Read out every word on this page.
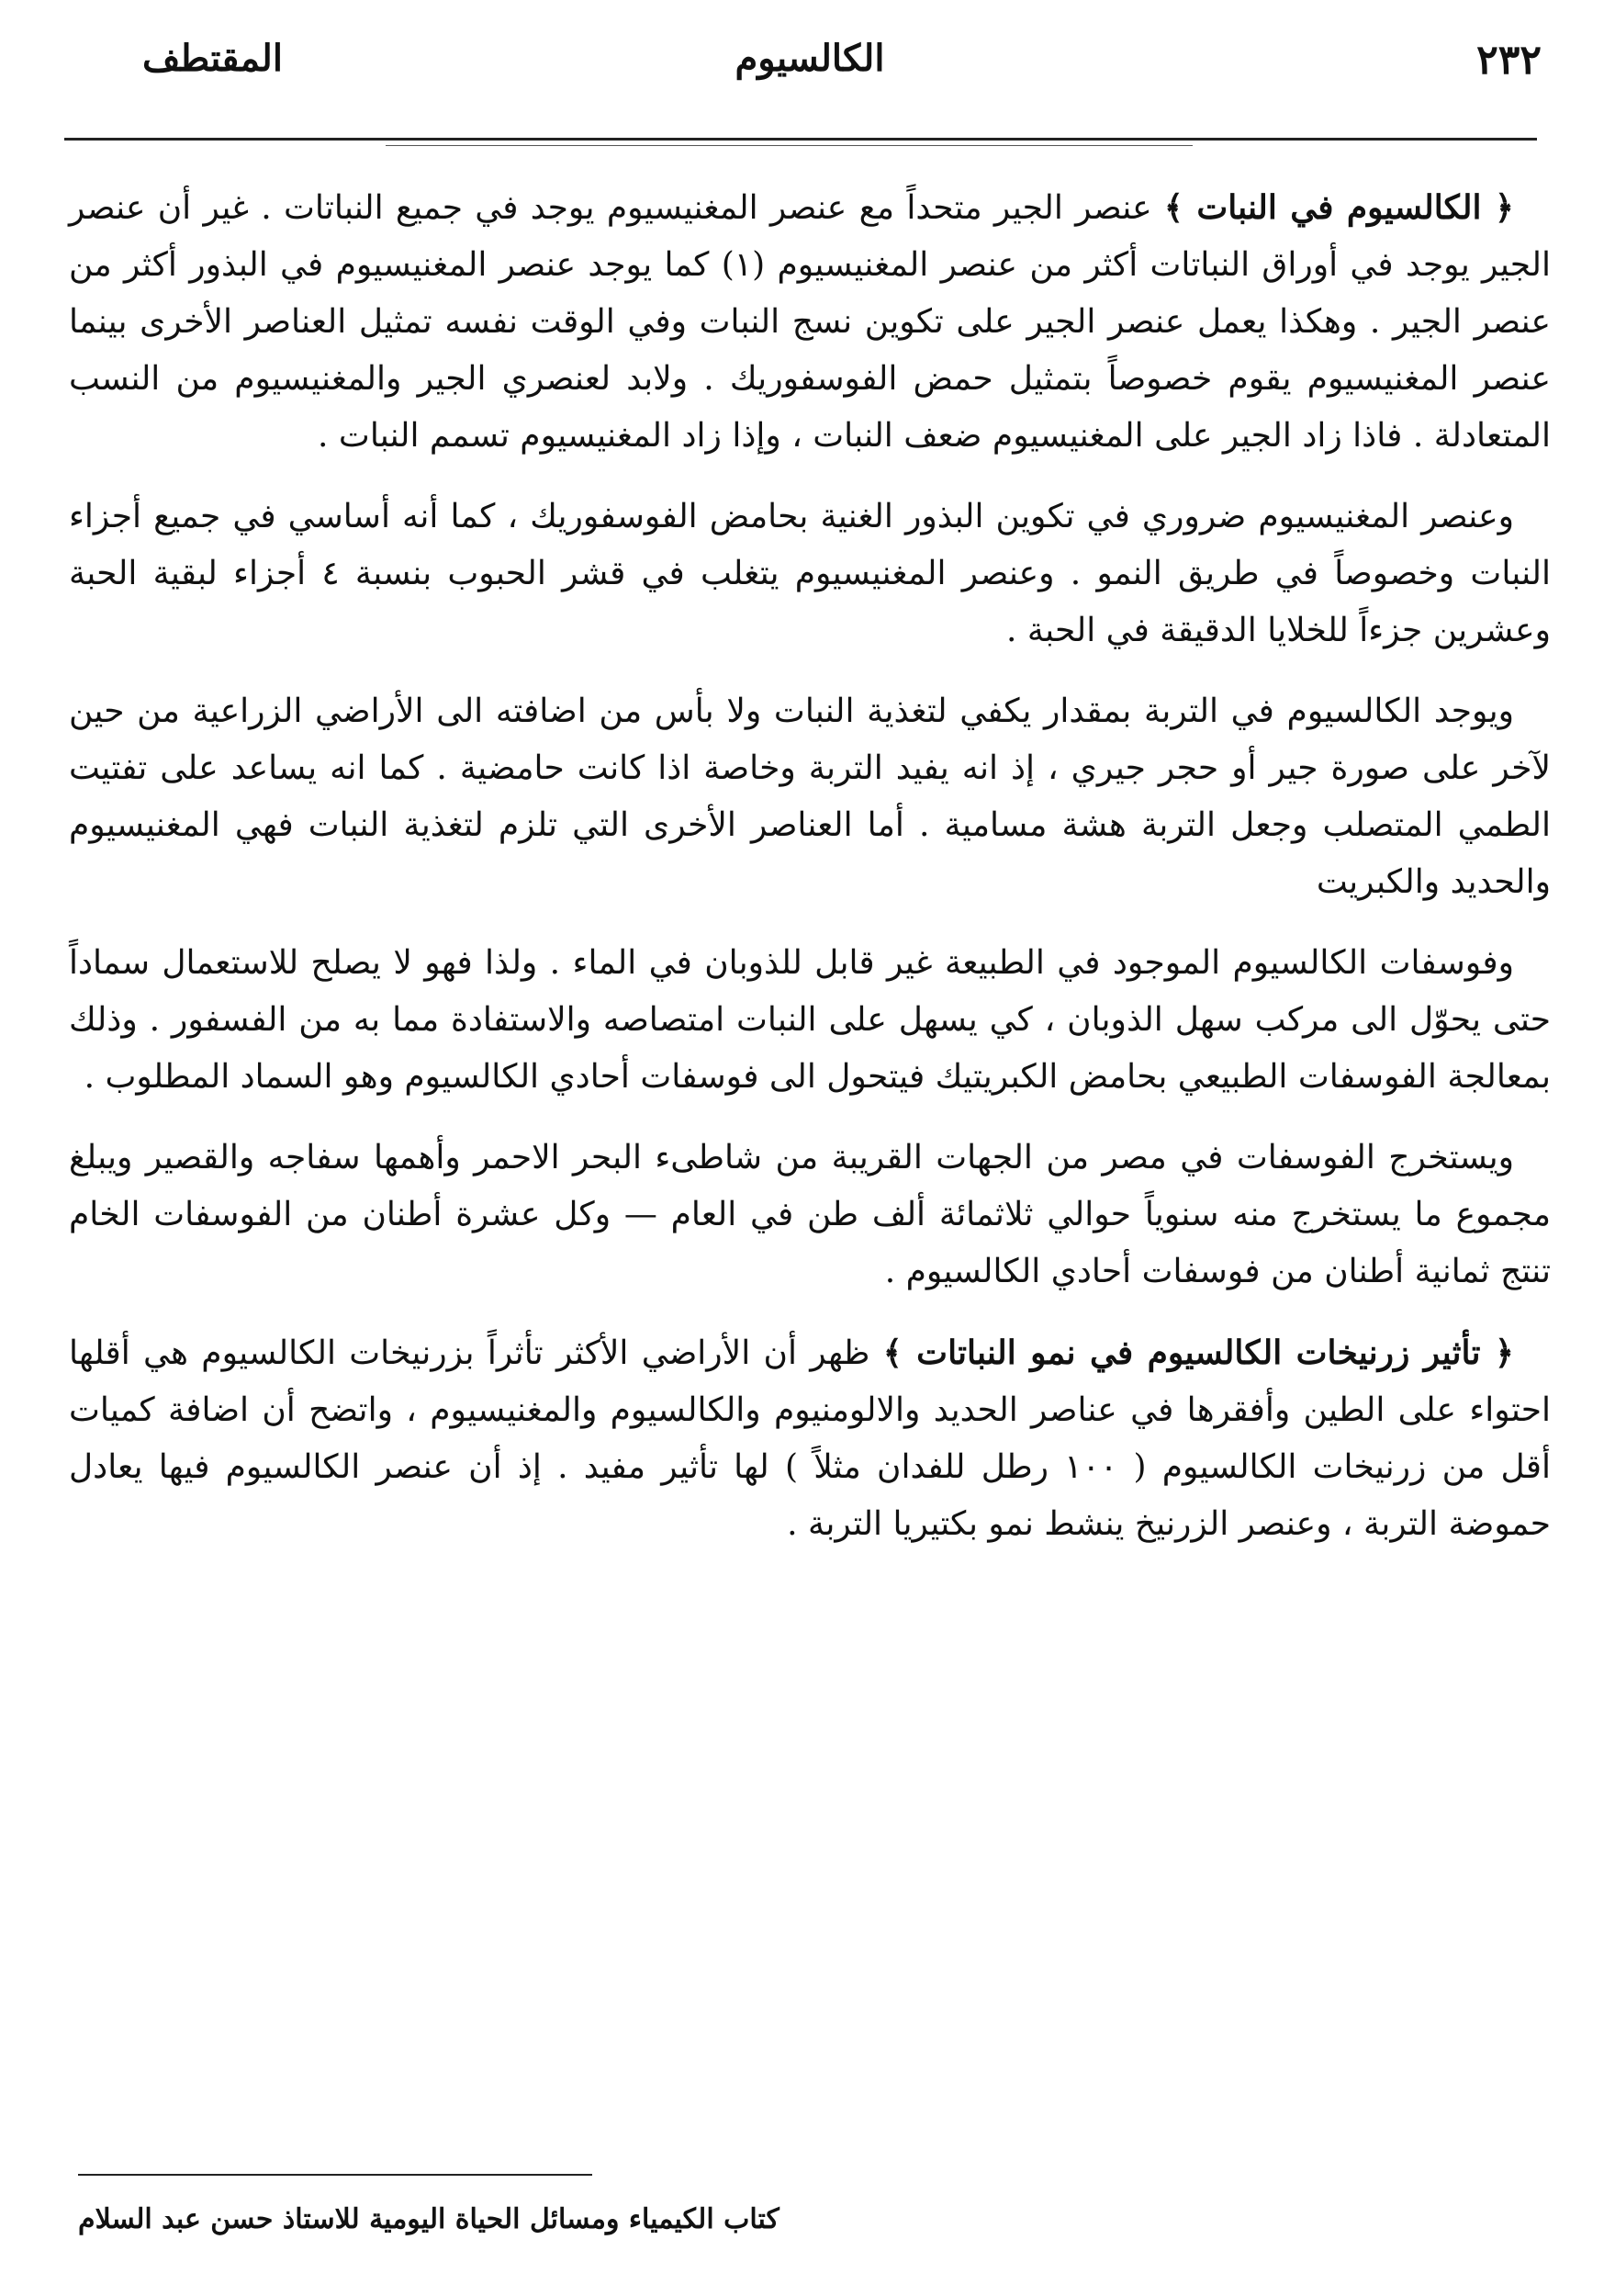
٢٣٢
الكالسيوم
المقتطف

﴿ الكالسيوم في النبات ﴾ عنصر الجير متحداً مع عنصر المغنيسيوم يوجد في جميع النباتات . غير أن عنصر الجير يوجد في أوراق النباتات أكثر من عنصر المغنيسيوم (١) كما يوجد عنصر المغنيسيوم في البذور أكثر من عنصر الجير . وهكذا يعمل عنصر الجير على تكوين نسج النبات وفي الوقت نفسه تمثيل العناصر الأخرى بينما عنصر المغنيسيوم يقوم خصوصاً بتمثيل حمض الفوسفوريك . ولابد لعنصري الجير والمغنيسيوم من النسب المتعادلة . فاذا زاد الجير على المغنيسيوم ضعف النبات ، وإذا زاد المغنيسيوم تسمم النبات .

وعنصر المغنيسيوم ضروري في تكوين البذور الغنية بحامض الفوسفوريك ، كما أنه أساسي في جميع أجزاء النبات وخصوصاً في طريق النمو . وعنصر المغنيسيوم يتغلب في قشر الحبوب بنسبة ٤ أجزاء لبقية الحبة وعشرين جزءاً للخلايا الدقيقة في الحبة .

ويوجد الكالسيوم في التربة بمقدار يكفي لتغذية النبات ولا بأس من اضافته الى الأراضي الزراعية من حين لآخر على صورة جير أو حجر جيري ، إذ انه يفيد التربة وخاصة اذا كانت حامضية . كما انه يساعد على تفتيت الطمي المتصلب وجعل التربة هشة مسامية . أما العناصر الأخرى التي تلزم لتغذية النبات فهي المغنيسيوم والحديد والكبريت

وفوسفات الكالسيوم الموجود في الطبيعة غير قابل للذوبان في الماء . ولذا فهو لا يصلح للاستعمال سماداً حتى يحوّل الى مركب سهل الذوبان ، كي يسهل على النبات امتصاصه والاستفادة مما به من الفسفور . وذلك بمعالجة الفوسفات الطبيعي بحامض الكبريتيك فيتحول الى فوسفات أحادي الكالسيوم وهو السماد المطلوب .

ويستخرج الفوسفات في مصر من الجهات القريبة من شاطىء البحر الاحمر وأهمها سفاجه والقصير ويبلغ مجموع ما يستخرج منه سنوياً حوالي ثلاثمائة ألف طن في العام — وكل عشرة أطنان من الفوسفات الخام تنتج ثمانية أطنان من فوسفات أحادي الكالسيوم .

﴿ تأثير زرنيخات الكالسيوم في نمو النباتات ﴾ ظهر أن الأراضي الأكثر تأثراً بزرنيخات الكالسيوم هي أقلها احتواء على الطين وأفقرها في عناصر الحديد والالومنيوم والكالسيوم والمغنيسيوم ، واتضح أن اضافة كميات أقل من زرنيخات الكالسيوم ( ١٠٠ رطل للفدان مثلاً ) لها تأثير مفيد . إذ أن عنصر الكالسيوم فيها يعادل حموضة التربة ، وعنصر الزرنيخ ينشط نمو بكتيريا التربة .

كتاب الكيمياء ومسائل الحياة اليومية للاستاذ حسن عبد السلام
